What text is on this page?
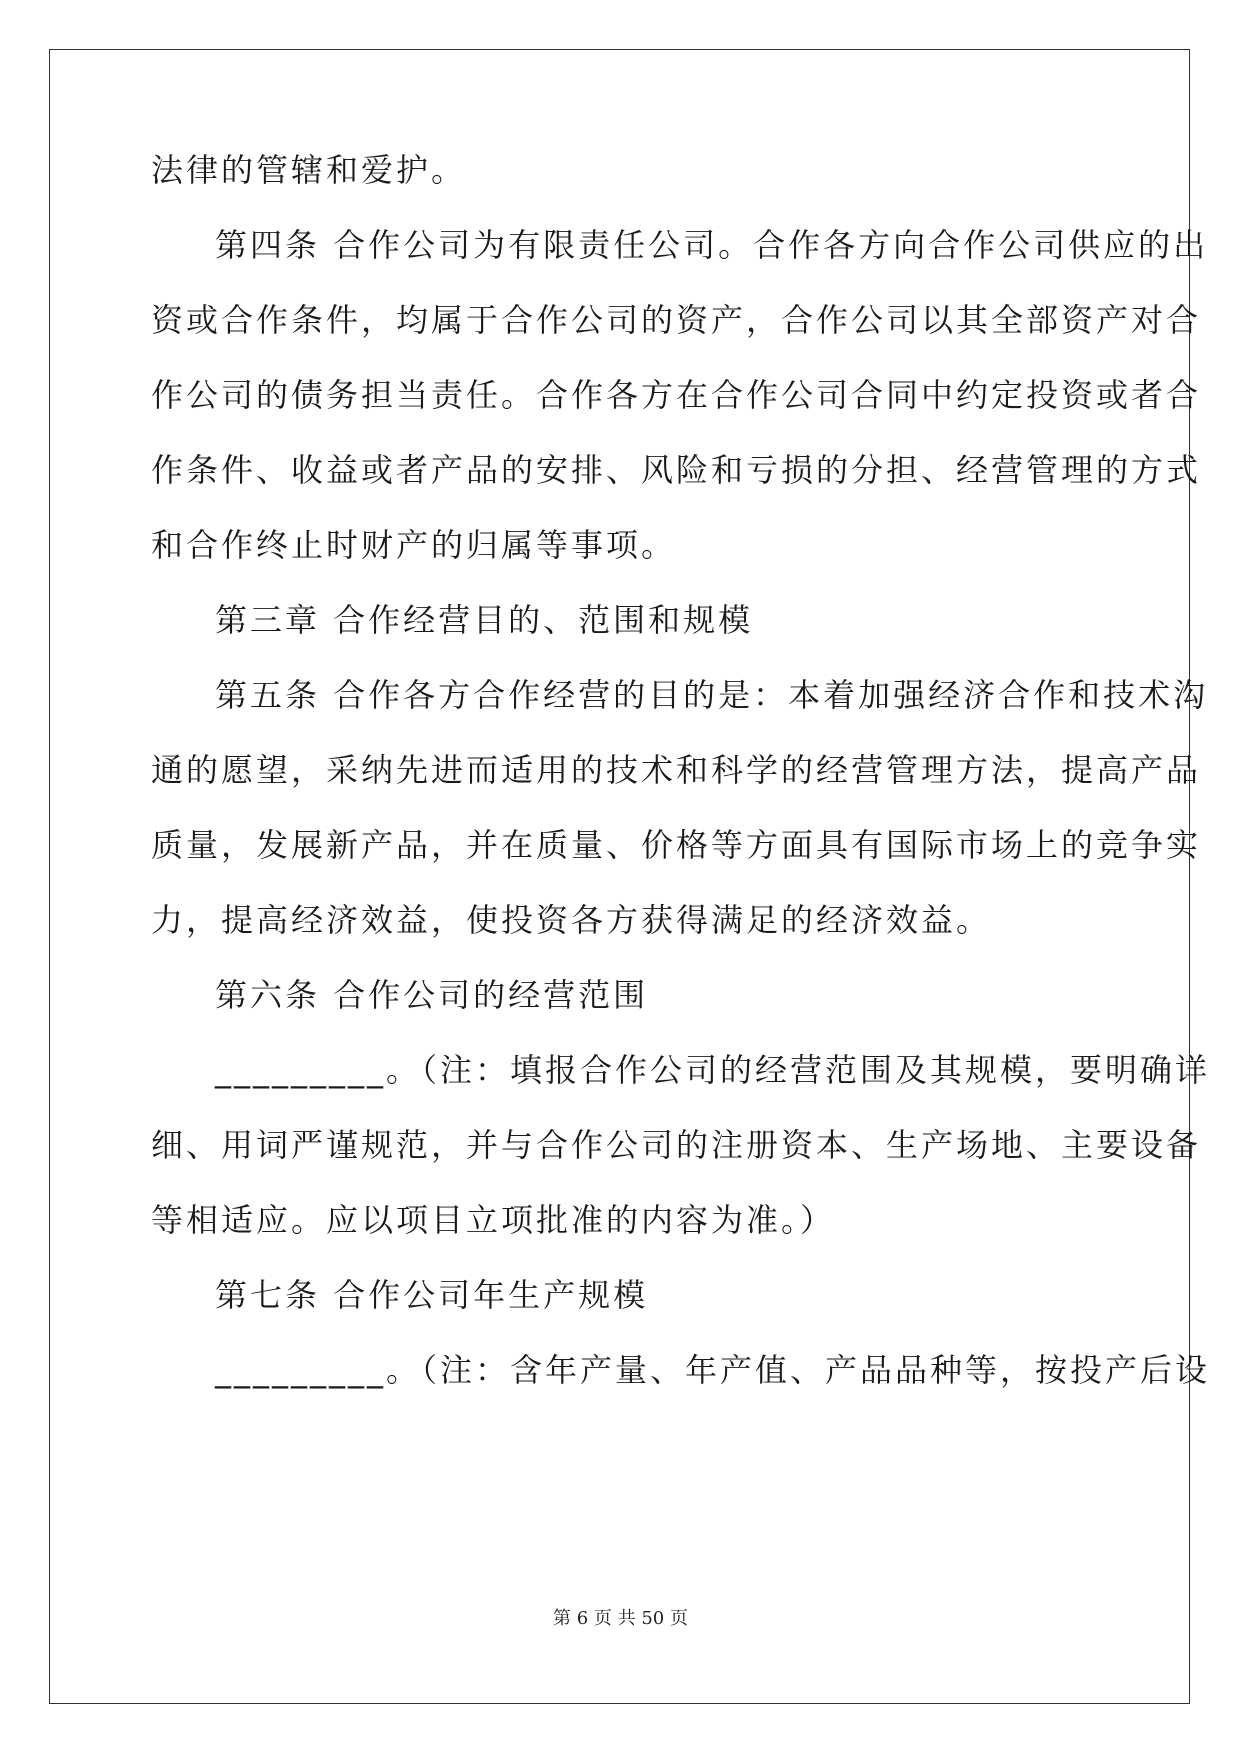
法律的管辖和爱护。
第四条 合作公司为有限责任公司。合作各方向合作公司供应的出
资或合作条件，均属于合作公司的资产，合作公司以其全部资产对合
作公司的债务担当责任。合作各方在合作公司合同中约定投资或者合
作条件、收益或者产品的安排、风险和亏损的分担、经营管理的方式
和合作终止时财产的归属等事项。
第三章 合作经营目的、范围和规模
第五条 合作各方合作经营的目的是：本着加强经济合作和技术沟
通的愿望，采纳先进而适用的技术和科学的经营管理方法，提高产品
质量，发展新产品，并在质量、价格等方面具有国际市场上的竞争实
力，提高经济效益，使投资各方获得满足的经济效益。
第六条 合作公司的经营范围
_________。（注：填报合作公司的经营范围及其规模，要明确详
细、用词严谨规范，并与合作公司的注册资本、生产场地、主要设备
等相适应。应以项目立项批准的内容为准。）
第七条 合作公司年生产规模
_________。（注：含年产量、年产值、产品品种等，按投产后设
第 6 页 共 50 页
